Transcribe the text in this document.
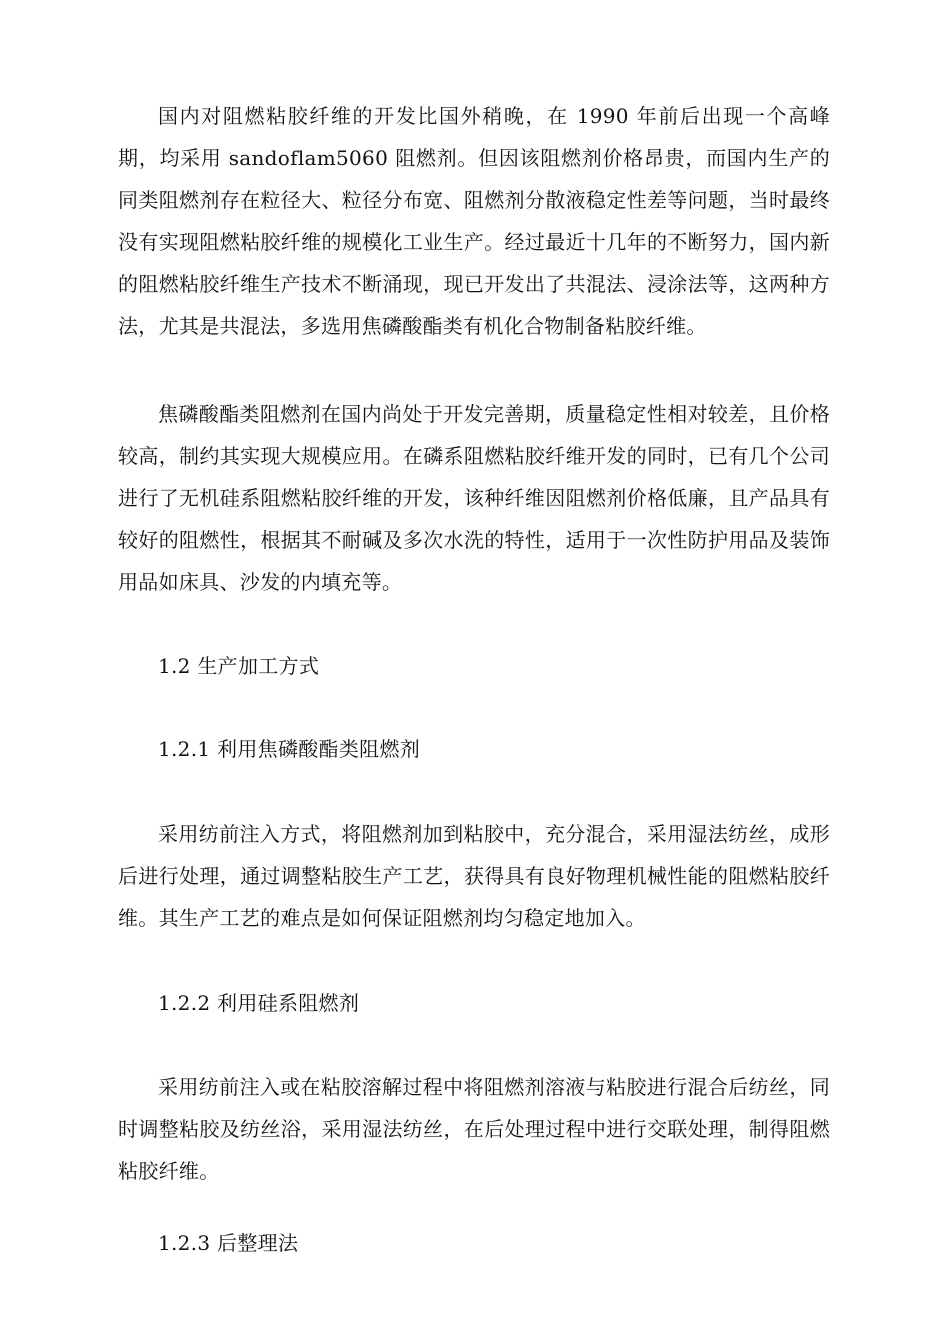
国内对阻燃粘胶纤维的开发比国外稍晚，在 1990 年前后出现一个高峰期，均采用 sandoflam5060 阻燃剂。但因该阻燃剂价格昂贵，而国内生产的同类阻燃剂存在粒径大、粒径分布宽、阻燃剂分散液稳定性差等问题，当时最终没有实现阻燃粘胶纤维的规模化工业生产。经过最近十几年的不断努力，国内新的阻燃粘胶纤维生产技术不断涌现，现已开发出了共混法、浸涂法等，这两种方法，尤其是共混法，多选用焦磷酸酯类有机化合物制备粘胶纤维。

焦磷酸酯类阻燃剂在国内尚处于开发完善期，质量稳定性相对较差，且价格较高，制约其实现大规模应用。在磷系阻燃粘胶纤维开发的同时，已有几个公司进行了无机硅系阻燃粘胶纤维的开发，该种纤维因阻燃剂价格低廉，且产品具有较好的阻燃性，根据其不耐碱及多次水洗的特性，适用于一次性防护用品及装饰用品如床具、沙发的内填充等。

1.2 生产加工方式
1.2.1 利用焦磷酸酯类阻燃剂

采用纺前注入方式，将阻燃剂加到粘胶中，充分混合，采用湿法纺丝，成形后进行处理，通过调整粘胶生产工艺，获得具有良好物理机械性能的阻燃粘胶纤维。其生产工艺的难点是如何保证阻燃剂均匀稳定地加入。

1.2.2 利用硅系阻燃剂

采用纺前注入或在粘胶溶解过程中将阻燃剂溶液与粘胶进行混合后纺丝，同时调整粘胶及纺丝浴，采用湿法纺丝，在后处理过程中进行交联处理，制得阻燃粘胶纤维。

1.2.3 后整理法
